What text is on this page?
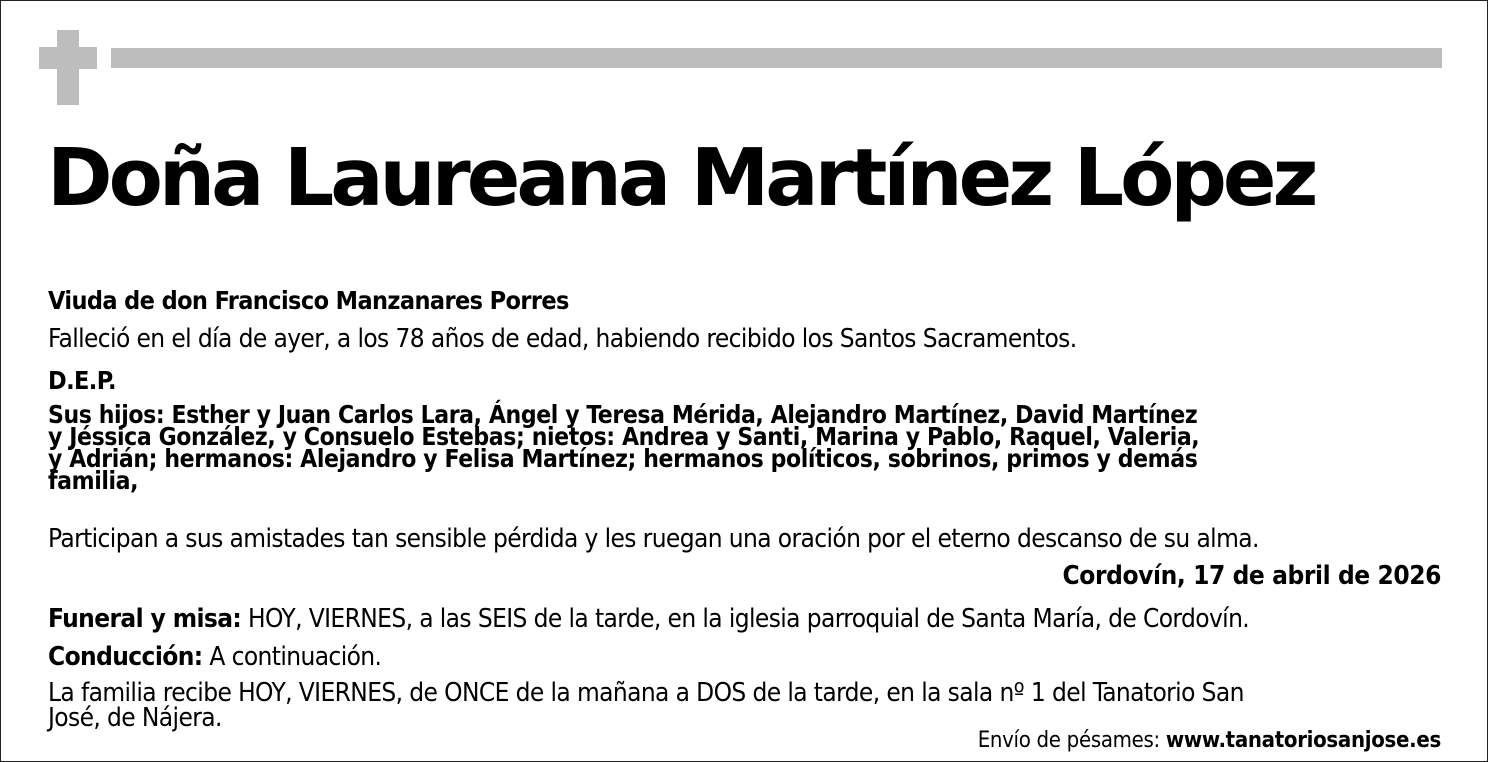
Doña Laureana Martínez López
Viuda de don Francisco Manzanares Porres
Falleció en el día de ayer, a los 78 años de edad, habiendo recibido los Santos Sacramentos.
D.E.P.
Sus hijos: Esther y Juan Carlos Lara, Ángel y Teresa Mérida, Alejandro Martínez, David Martínez
y Jéssica González, y Consuelo Estebas; nietos: Andrea y Santi, Marina y Pablo, Raquel, Valeria,
y Adrián; hermanos: Alejandro y Felisa Martínez; hermanos políticos, sobrinos, primos y demás
familia,
Participan a sus amistades tan sensible pérdida y les ruegan una oración por el eterno descanso de su alma.
Cordovín, 17 de abril de 2026
Funeral y misa: HOY, VIERNES, a las SEIS de la tarde, en la iglesia parroquial de Santa María, de Cordovín.
Conducción: A continuación.
La familia recibe HOY, VIERNES, de ONCE de la mañana a DOS de la tarde, en la sala nº 1 del Tanatorio San
José, de Nájera.
Envío de pésames: www.tanatoriosanjose.es
